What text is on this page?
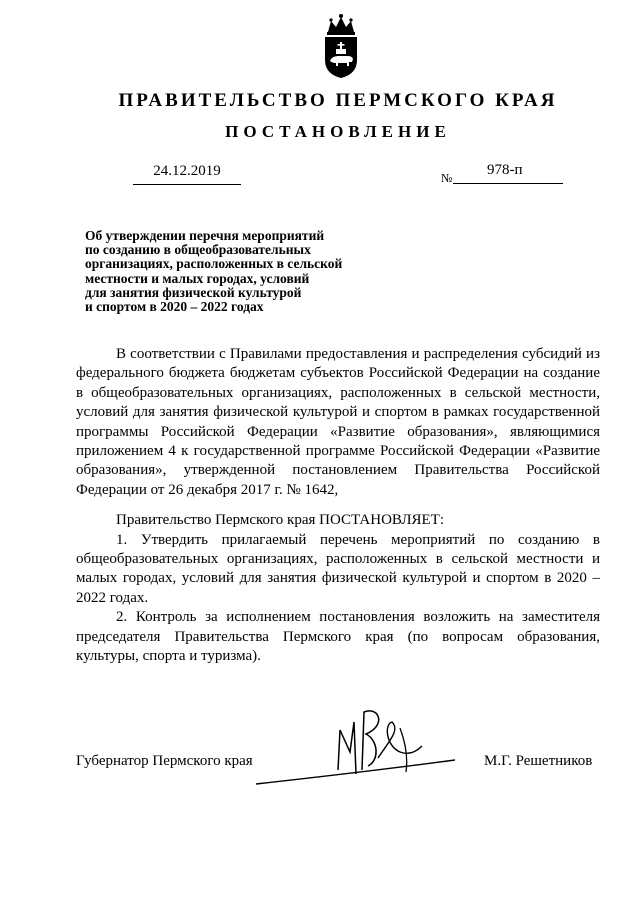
ПРАВИТЕЛЬСТВО ПЕРМСКОГО КРАЯ
ПОСТАНОВЛЕНИЕ
24.12.2019	№ 978-п
Об утверждении перечня мероприятий
по созданию в общеобразовательных
организациях, расположенных в сельской
местности и малых городах, условий
для занятия физической культурой
и спортом в 2020 – 2022 годах

В соответствии с Правилами предоставления и распределения субсидий из федерального бюджета бюджетам субъектов Российской Федерации на создание в общеобразовательных организациях, расположенных в сельской местности, условий для занятия физической культурой и спортом в рамках государственной программы Российской Федерации «Развитие образования», являющимися приложением 4 к государственной программе Российской Федерации «Развитие образования», утвержденной постановлением Правительства Российской Федерации от 26 декабря 2017 г. № 1642,

Правительство Пермского края ПОСТАНОВЛЯЕТ:

1. Утвердить прилагаемый перечень мероприятий по созданию в общеобразовательных организациях, расположенных в сельской местности и малых городах, условий для занятия физической культурой и спортом в 2020 – 2022 годах.

2. Контроль за исполнением постановления возложить на заместителя председателя Правительства Пермского края (по вопросам образования, культуры, спорта и туризма).

Губернатор Пермского края	М.Г. Решетников
